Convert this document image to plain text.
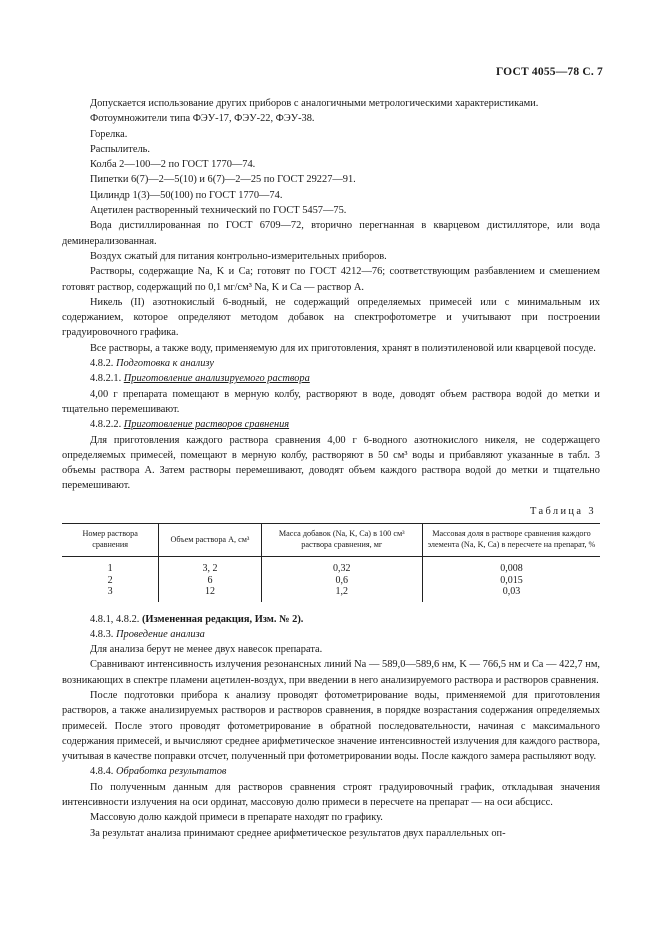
ГОСТ 4055—78 С. 7

Допускается использование других приборов с аналогичными метрологическими характеристиками.

Фотоумножители типа ФЭУ-17, ФЭУ-22, ФЭУ-38.

Горелка.

Распылитель.

Колба 2—100—2 по ГОСТ 1770—74.

Пипетки 6(7)—2—5(10) и 6(7)—2—25 по ГОСТ 29227—91.

Цилиндр 1(3)—50(100) по ГОСТ 1770—74.

Ацетилен растворенный технический по ГОСТ 5457—75.

Вода дистиллированная по ГОСТ 6709—72, вторично перегнанная в кварцевом дистилляторе, или вода деминерализованная.

Воздух сжатый для питания контрольно-измерительных приборов.

Растворы, содержащие Na, K и Ca; готовят по ГОСТ 4212—76; соответствующим разбавлением и смешением готовят раствор, содержащий по 0,1 мг/см³ Na, K и Ca — раствор А.

Никель (II) азотнокислый 6-водный, не содержащий определяемых примесей или с минимальным их содержанием, которое определяют методом добавок на спектрофотометре и учитывают при построении градуировочного графика.

Все растворы, а также воду, применяемую для их приготовления, хранят в полиэтиленовой или кварцевой посуде.

4.8.2. Подготовка к анализу

4.8.2.1. Приготовление анализируемого раствора

4,00 г препарата помещают в мерную колбу, растворяют в воде, доводят объем раствора водой до метки и тщательно перемешивают.

4.8.2.2. Приготовление растворов сравнения

Для приготовления каждого раствора сравнения 4,00 г 6-водного азотнокислого никеля, не содержащего определяемых примесей, помещают в мерную колбу, растворяют в 50 см³ воды и прибавляют указанные в табл. 3 объемы раствора А. Затем растворы перемешивают, доводят объем каждого раствора водой до метки и тщательно перемешивают.

Таблица 3
Номер раствора сравнения	Объем раствора А, см³	Масса добавок (Na, K, Ca) в 100 см³ раствора сравнения, мг	Массовая доля в растворе сравнения каждого элемента (Na, K, Ca) в пересчете на препарат, %
1	3, 2	0,32	0,008
2	6	0,6	0,015
3	12	1,2	0,03

4.8.1, 4.8.2. (Измененная редакция, Изм. № 2).

4.8.3. Проведение анализа

Для анализа берут не менее двух навесок препарата.

Сравнивают интенсивность излучения резонансных линий Na — 589,0—589,6 нм, K — 766,5 нм и Ca — 422,7 нм, возникающих в спектре пламени ацетилен-воздух, при введении в него анализируемого раствора и растворов сравнения.

После подготовки прибора к анализу проводят фотометрирование воды, применяемой для приготовления растворов, а также анализируемых растворов и растворов сравнения, в порядке возрастания содержания определяемых примесей. После этого проводят фотометрирование в обратной последовательности, начиная с максимального содержания примесей, и вычисляют среднее арифметическое значение интенсивностей излучения для каждого раствора, учитывая в качестве поправки отсчет, полученный при фотометрировании воды. После каждого замера распыляют воду.

4.8.4. Обработка результатов

По полученным данным для растворов сравнения строят градуировочный график, откладывая значения интенсивности излучения на оси ординат, массовую долю примеси в пересчете на препарат — на оси абсцисс.

Массовую долю каждой примеси в препарате находят по графику.

За результат анализа принимают среднее арифметическое результатов двух параллельных оп-
